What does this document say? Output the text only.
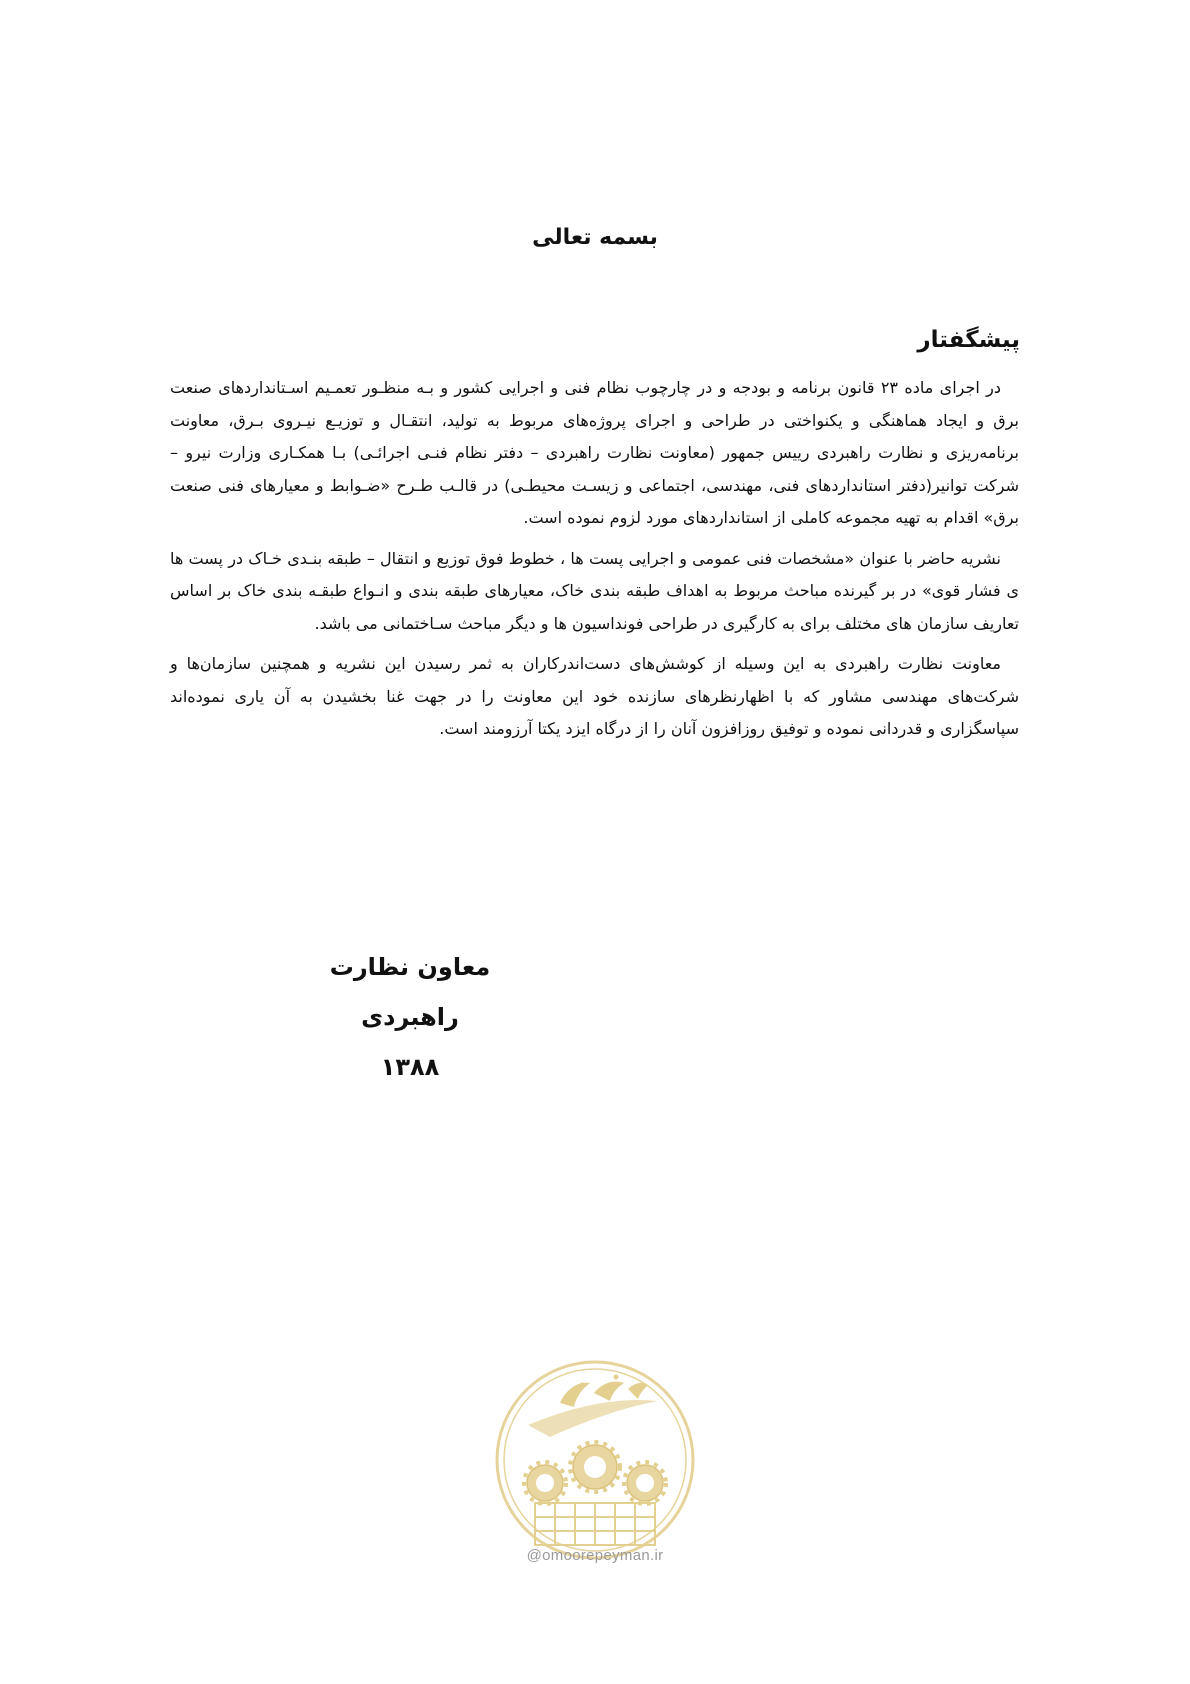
بسمه تعالی
پیشگفتار

در اجرای ماده ۲۳ قانون برنامه و بودجه و در چارچوب نظام فنی و اجرایی کشور و بـه منظـور تعمـیم اسـتانداردهای صنعت برق و ایجاد هماهنگی و یکنواختی در طراحی و اجرای پروژه‌های مربوط به تولید، انتقـال و توزیـع نیـروی بـرق، معاونت برنامه‌ریزی و نظارت راهبردی رییس جمهور (معاونت نظارت راهبردی – دفتر نظام فنـی اجرائـی) بـا همکـاری وزارت نیرو – شرکت توانیر(دفتر استانداردهای فنی، مهندسی، اجتماعی و زیسـت محیطـی) در قالـب طـرح «ضـوابط و معیارهای فنی صنعت برق» اقدام به تهیه مجموعه کاملی از استانداردهای مورد لزوم نموده است.

نشریه حاضر با عنوان «مشخصات فنی عمومی و اجرایی پست ها ، خطوط فوق توزیع و انتقال – طبقه بنـدی خـاک در پست ها ی فشار قوی» در بر گیرنده مباحث مربوط به اهداف طبقه بندی خاک، معیارهای طبقه بندی و انـواع طبقـه بندی خاک بر اساس تعاریف سازمان های مختلف برای به کارگیری در طراحی فونداسیون ها و دیگر مباحث سـاختمانی می باشد.

معاونت نظارت راهبردی به این وسیله از کوشش‌های دست‌اندرکاران به ثمر رسیدن این نشریه و همچنین سازمان‌ها و شرکت‌های مهندسی مشاور که با اظهارنظرهای سازنده خود این معاونت را در جهت غنا بخشیدن به آن یاری نموده‌اند سپاسگزاری و قدردانی نموده و توفیق روزافزون آنان را از درگاه ایزد یکتا آرزومند است.

معاون نظارت راهبردی
۱۳۸۸
@omoorepeyman.ir
